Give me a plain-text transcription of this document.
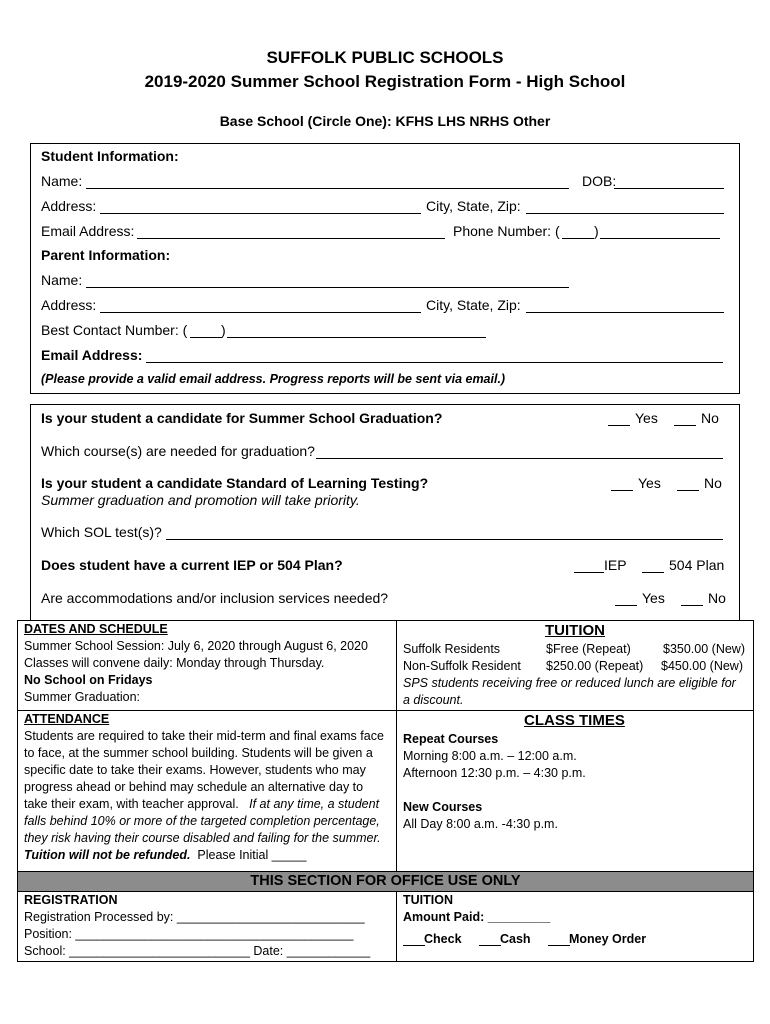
SUFFOLK PUBLIC SCHOOLS
2019-2020 Summer School Registration Form - High School
Base School (Circle One): KFHS LHS NRHS Other
Student Information:
Name:	DOB:
Address:	City, State, Zip:
Email Address:	Phone Number: ( )
Parent Information:
Name:
Address:	City, State, Zip:
Best Contact Number: ( )
Email Address:
(Please provide a valid email address. Progress reports will be sent via email.)
Is your student a candidate for Summer School Graduation?	Yes	No
Which course(s) are needed for graduation?
Is your student a candidate Standard of Learning Testing?
Summer graduation and promotion will take priority.
Yes	No
Which SOL test(s)?
Does student have a current IEP or 504 Plan?	IEP	504 Plan
Are accommodations and/or inclusion services needed?	Yes	No
DATES AND SCHEDULE
Summer School Session: July 6, 2020 through August 6, 2020
Classes will convene daily: Monday through Thursday.
No School on Fridays
Summer Graduation:
TUITION
Suffolk Residents	$Free (Repeat)	$350.00 (New)
Non-Suffolk Resident $250.00 (Repeat) $450.00 (New)
SPS students receiving free or reduced lunch are eligible for
a discount.
ATTENDANCE
Students are required to take their mid-term and final exams face
to face, at the summer school building. Students will be given a
specific date to take their exams. However, students who may
progress ahead or behind may schedule an alternative day to
take their exam, with teacher approval.   If at any time, a student
falls behind 10% or more of the targeted completion percentage,
they risk having their course disabled and failing for the summer.
Tuition will not be refunded.  Please Initial _____
CLASS TIMES
Repeat Courses
Morning 8:00 a.m. – 12:00 a.m.
Afternoon 12:30 p.m. – 4:30 p.m.
New Courses
All Day 8:00 a.m. -4:30 p.m.
THIS SECTION FOR OFFICE USE ONLY
REGISTRATION
Registration Processed by: ___________________________
Position: ________________________________________
School: __________________________ Date: ____________
TUITION
Amount Paid: _________
Check	Cash	Money Order
